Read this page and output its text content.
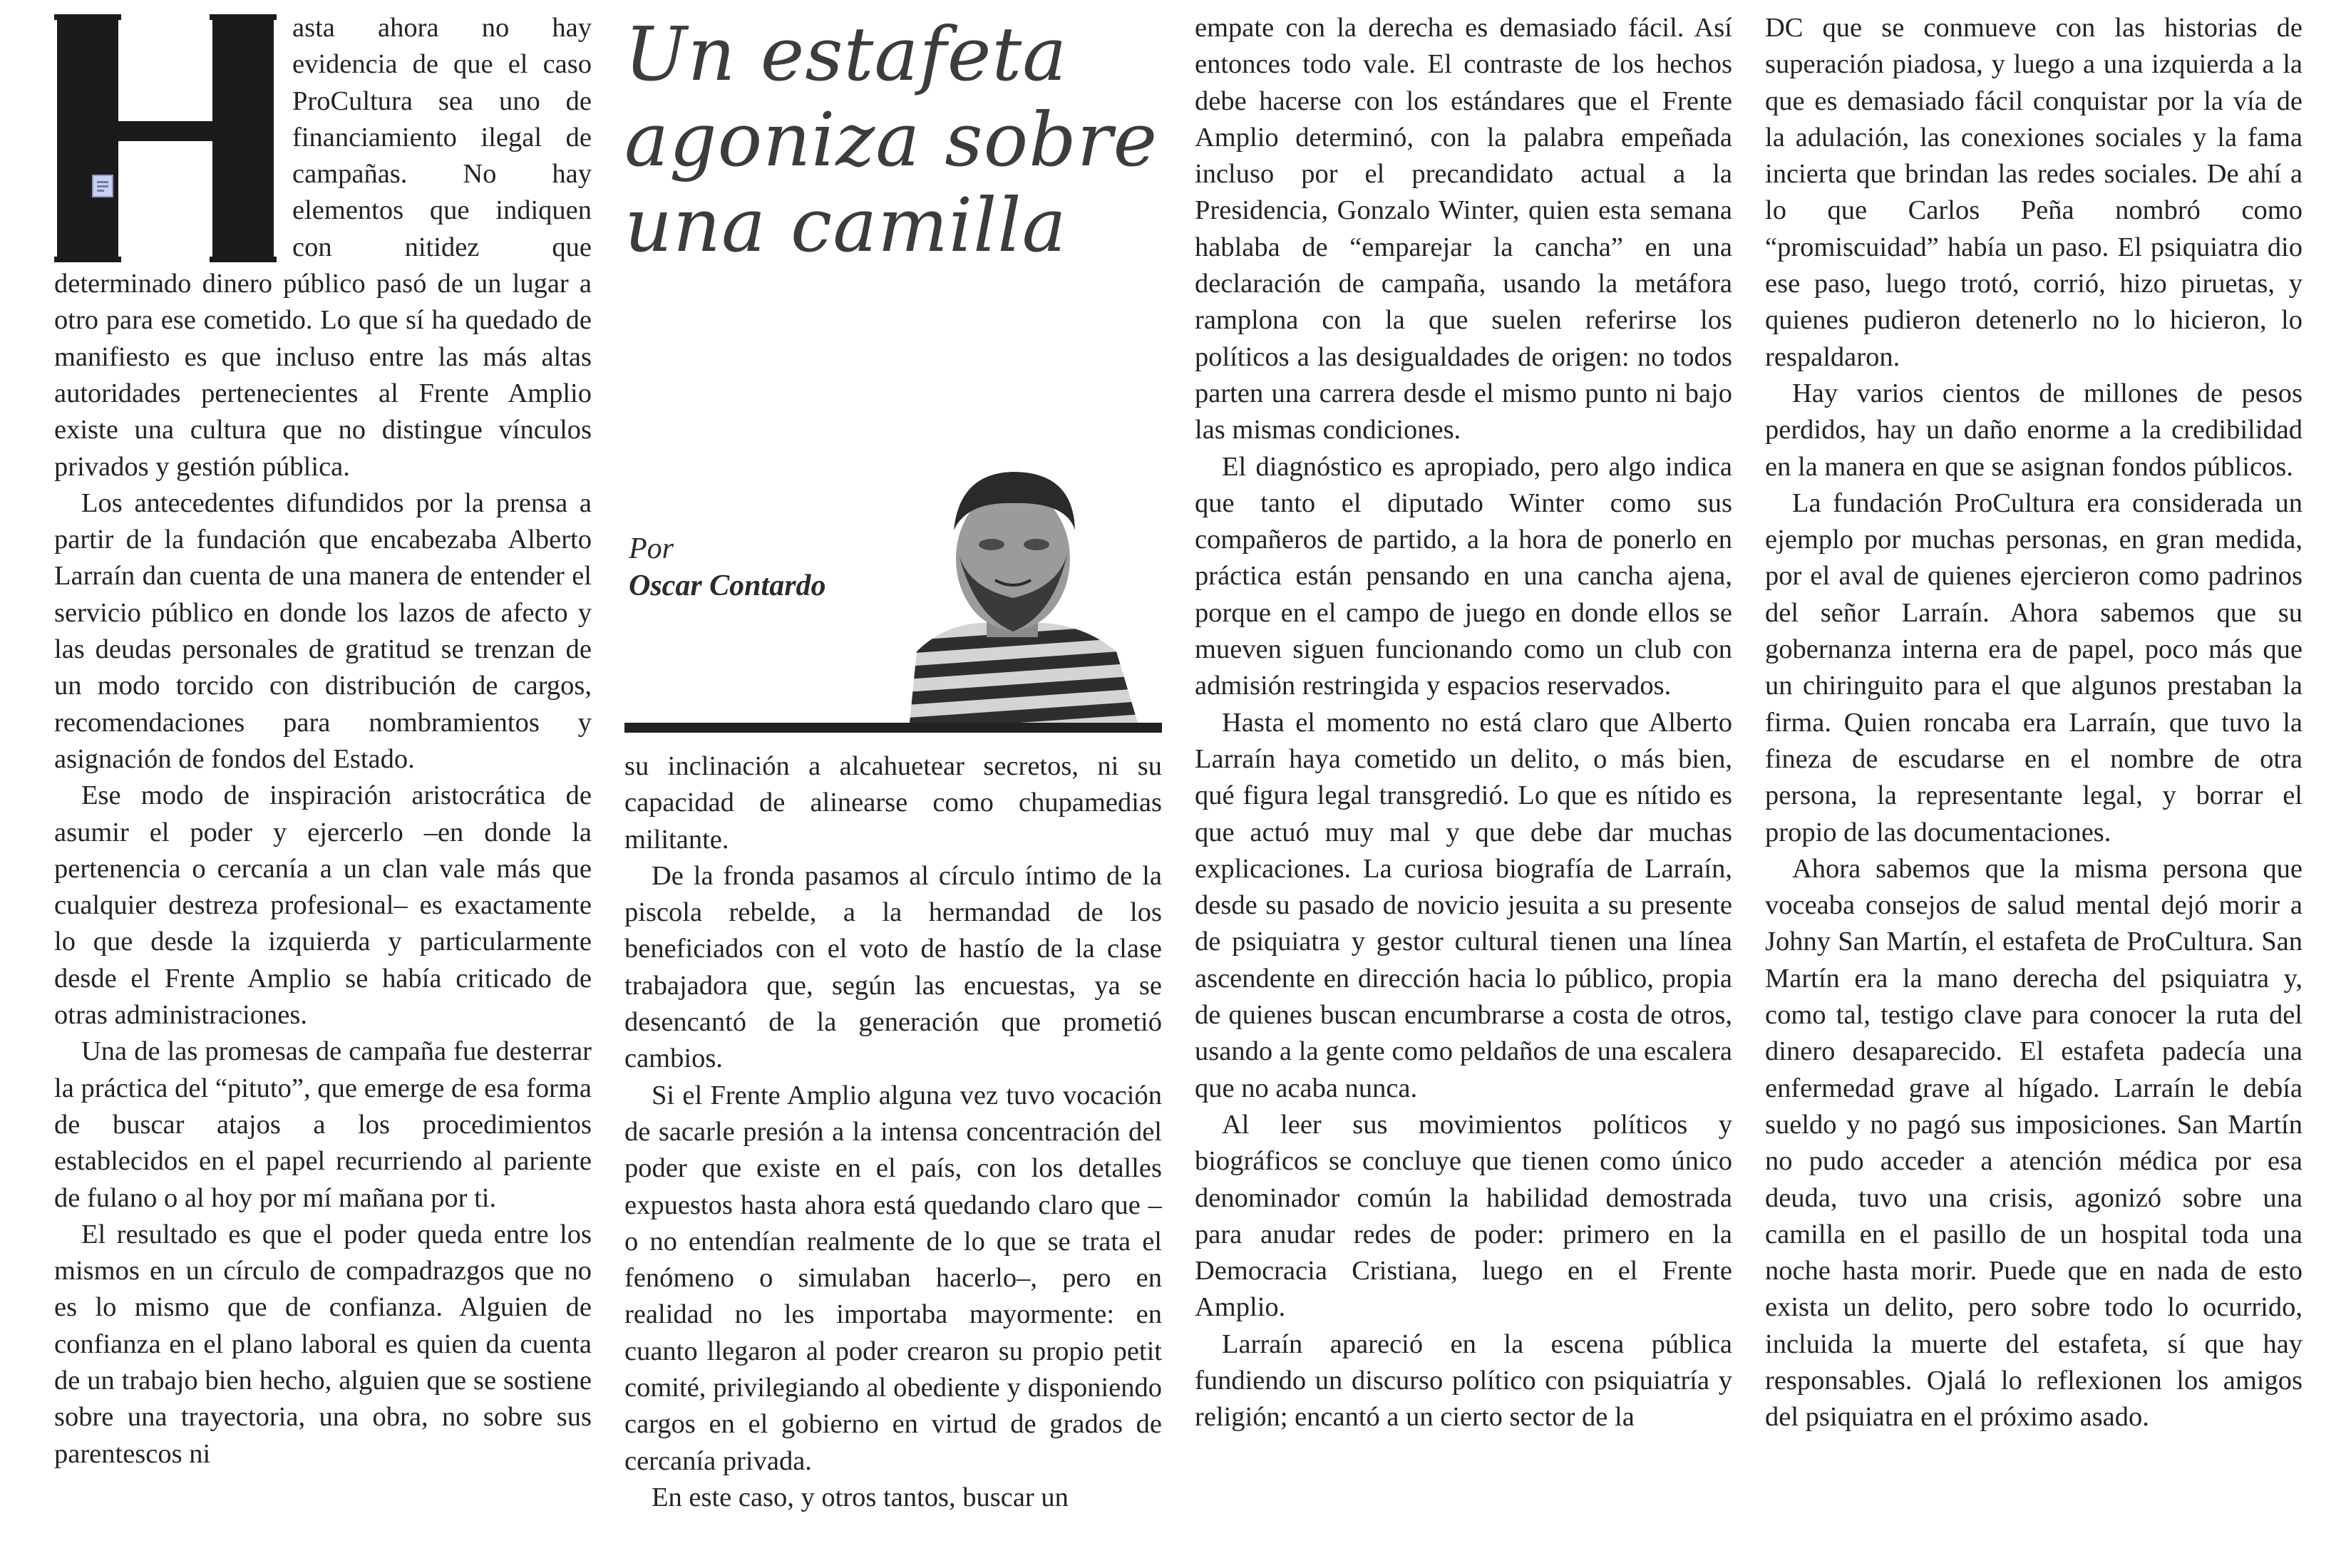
asta ahora no hay evidencia de que el caso ProCultura sea uno de financiamiento ilegal de campañas. No hay elementos que indiquen con nitidez que determinado dinero público pasó de un lugar a otro para ese cometido. Lo que sí ha quedado de manifiesto es que incluso entre las más altas autoridades pertenecientes al Frente Amplio existe una cultura que no distingue vínculos privados y gestión pública.

Los antecedentes difundidos por la prensa a partir de la fundación que encabezaba Alberto Larraín dan cuenta de una manera de entender el servicio público en donde los lazos de afecto y las deudas personales de gratitud se trenzan de un modo torcido con distribución de cargos, recomendaciones para nombramientos y asignación de fondos del Estado.

Ese modo de inspiración aristocrática de asumir el poder y ejercerlo –en donde la pertenencia o cercanía a un clan vale más que cualquier destreza profesional– es exactamente lo que desde la izquierda y particularmente desde el Frente Amplio se había criticado de otras administraciones.

Una de las promesas de campaña fue desterrar la práctica del “pituto”, que emerge de esa forma de buscar atajos a los procedimientos establecidos en el papel recurriendo al pariente de fulano o al hoy por mí mañana por ti.

El resultado es que el poder queda entre los mismos en un círculo de compadrazgos que no es lo mismo que de confianza. Alguien de confianza en el plano laboral es quien da cuenta de un trabajo bien hecho, alguien que se sostiene sobre una trayectoria, una obra, no sobre sus parentescos ni

Un estafeta agoniza sobre una camilla
Por
Oscar Contardo

su inclinación a alcahuetear secretos, ni su capacidad de alinearse como chupamedias militante.

De la fronda pasamos al círculo íntimo de la piscola rebelde, a la hermandad de los beneficiados con el voto de hastío de la clase trabajadora que, según las encuestas, ya se desencantó de la generación que prometió cambios.

Si el Frente Amplio alguna vez tuvo vocación de sacarle presión a la intensa concentración del poder que existe en el país, con los detalles expuestos hasta ahora está quedando claro que –o no entendían realmente de lo que se trata el fenómeno o simulaban hacerlo–, pero en realidad no les importaba mayormente: en cuanto llegaron al poder crearon su propio petit comité, privilegiando al obediente y disponiendo cargos en el gobierno en virtud de grados de cercanía privada.

En este caso, y otros tantos, buscar un

empate con la derecha es demasiado fácil. Así entonces todo vale. El contraste de los hechos debe hacerse con los estándares que el Frente Amplio determinó, con la palabra empeñada incluso por el precandidato actual a la Presidencia, Gonzalo Winter, quien esta semana hablaba de “emparejar la cancha” en una declaración de campaña, usando la metáfora ramplona con la que suelen referirse los políticos a las desigualdades de origen: no todos parten una carrera desde el mismo punto ni bajo las mismas condiciones.

El diagnóstico es apropiado, pero algo indica que tanto el diputado Winter como sus compañeros de partido, a la hora de ponerlo en práctica están pensando en una cancha ajena, porque en el campo de juego en donde ellos se mueven siguen funcionando como un club con admisión restringida y espacios reservados.

Hasta el momento no está claro que Alberto Larraín haya cometido un delito, o más bien, qué figura legal transgredió. Lo que es nítido es que actuó muy mal y que debe dar muchas explicaciones. La curiosa biografía de Larraín, desde su pasado de novicio jesuita a su presente de psiquiatra y gestor cultural tienen una línea ascendente en dirección hacia lo público, propia de quienes buscan encumbrarse a costa de otros, usando a la gente como peldaños de una escalera que no acaba nunca.

Al leer sus movimientos políticos y biográficos se concluye que tienen como único denominador común la habilidad demostrada para anudar redes de poder: primero en la Democracia Cristiana, luego en el Frente Amplio.

Larraín apareció en la escena pública fundiendo un discurso político con psiquiatría y religión; encantó a un cierto sector de la

DC que se conmueve con las historias de superación piadosa, y luego a una izquierda a la que es demasiado fácil conquistar por la vía de la adulación, las conexiones sociales y la fama incierta que brindan las redes sociales. De ahí a lo que Carlos Peña nombró como “promiscuidad” había un paso. El psiquiatra dio ese paso, luego trotó, corrió, hizo piruetas, y quienes pudieron detenerlo no lo hicieron, lo respaldaron.

Hay varios cientos de millones de pesos perdidos, hay un daño enorme a la credibilidad en la manera en que se asignan fondos públicos.

La fundación ProCultura era considerada un ejemplo por muchas personas, en gran medida, por el aval de quienes ejercieron como padrinos del señor Larraín. Ahora sabemos que su gobernanza interna era de papel, poco más que un chiringuito para el que algunos prestaban la firma. Quien roncaba era Larraín, que tuvo la fineza de escudarse en el nombre de otra persona, la representante legal, y borrar el propio de las documentaciones.

Ahora sabemos que la misma persona que voceaba consejos de salud mental dejó morir a Johny San Martín, el estafeta de ProCultura. San Martín era la mano derecha del psiquiatra y, como tal, testigo clave para conocer la ruta del dinero desaparecido. El estafeta padecía una enfermedad grave al hígado. Larraín le debía sueldo y no pagó sus imposiciones. San Martín no pudo acceder a atención médica por esa deuda, tuvo una crisis, agonizó sobre una camilla en el pasillo de un hospital toda una noche hasta morir. Puede que en nada de esto exista un delito, pero sobre todo lo ocurrido, incluida la muerte del estafeta, sí que hay responsables. Ojalá lo reflexionen los amigos del psiquiatra en el próximo asado.
